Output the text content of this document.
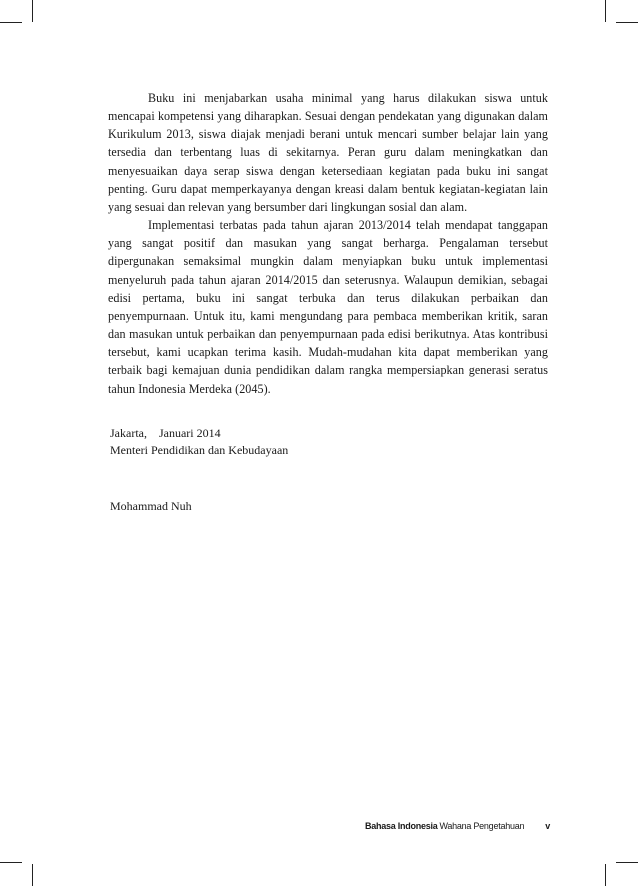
Buku ini menjabarkan usaha minimal yang harus dilakukan siswa untuk mencapai kompetensi yang diharapkan. Sesuai dengan pendekatan yang digunakan dalam Kurikulum 2013, siswa diajak menjadi berani untuk mencari sumber belajar lain yang tersedia dan terbentang luas di sekitarnya. Peran guru dalam meningkatkan dan menyesuaikan daya serap siswa dengan ketersediaan kegiatan pada buku ini sangat penting. Guru dapat memperkayanya dengan kreasi dalam bentuk kegiatan-kegiatan lain yang sesuai dan relevan yang bersumber dari lingkungan sosial dan alam.

Implementasi terbatas pada tahun ajaran 2013/2014 telah mendapat tanggapan yang sangat positif dan masukan yang sangat berharga. Pengalaman tersebut dipergunakan semaksimal mungkin dalam menyiapkan buku untuk implementasi menyeluruh pada tahun ajaran 2014/2015 dan seterusnya. Walaupun demikian, sebagai edisi pertama, buku ini sangat terbuka dan terus dilakukan perbaikan dan penyempurnaan. Untuk itu, kami mengundang para pembaca memberikan kritik, saran dan masukan untuk perbaikan dan penyempurnaan pada edisi berikutnya. Atas kontribusi tersebut, kami ucapkan terima kasih. Mudah-mudahan kita dapat memberikan yang terbaik bagi kemajuan dunia pendidikan dalam rangka mempersiapkan generasi seratus tahun Indonesia Merdeka (2045).

Jakarta,    Januari 2014
Menteri Pendidikan dan Kebudayaan
Mohammad Nuh
Bahasa Indonesia Wahana Pengetahuan v
